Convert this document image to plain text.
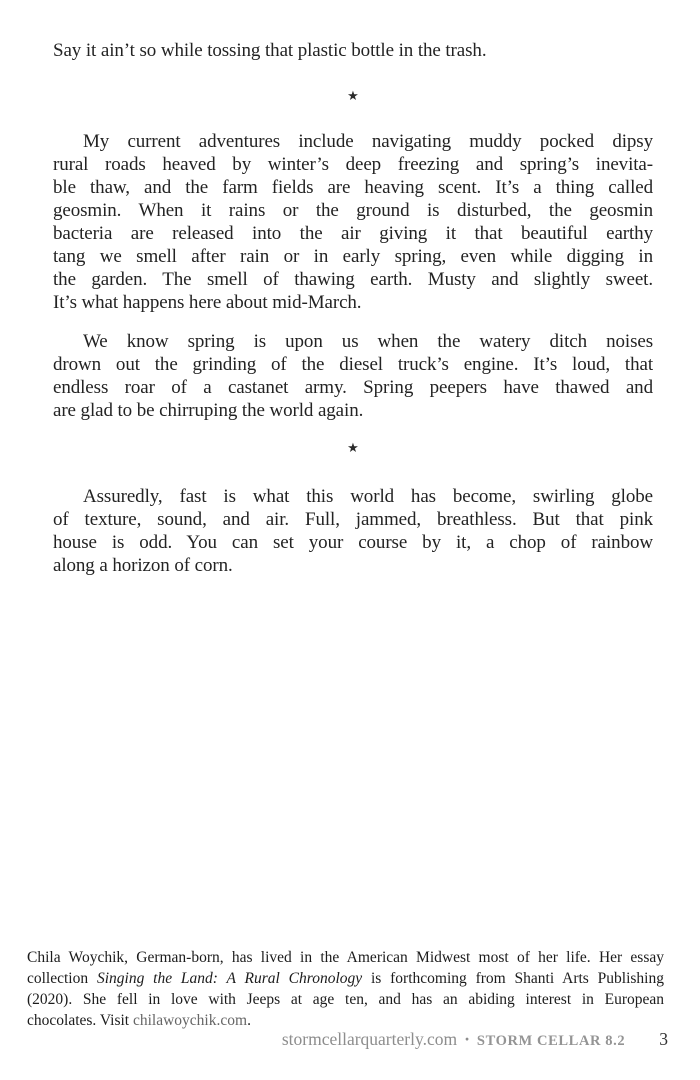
Say it ain’t so while tossing that plastic bottle in the trash.
★
My current adventures include navigating muddy pocked dipsy
rural roads heaved by winter’s deep freezing and spring’s inevita-
ble thaw, and the farm fields are heaving scent. It’s a thing called
geosmin. When it rains or the ground is disturbed, the geosmin
bacteria are released into the air giving it that beautiful earthy
tang we smell after rain or in early spring, even while digging in
the garden. The smell of thawing earth. Musty and slightly sweet.
It’s what happens here about mid-March.
We know spring is upon us when the watery ditch noises
drown out the grinding of the diesel truck’s engine. It’s loud, that
endless roar of a castanet army. Spring peepers have thawed and
are glad to be chirruping the world again.
★
Assuredly, fast is what this world has become, swirling globe
of texture, sound, and air. Full, jammed, breathless. But that pink
house is odd. You can set your course by it, a chop of rainbow
along a horizon of corn.
Chila Woychik, German-born, has lived in the American Midwest most of her life. Her essay
collection Singing the Land: A Rural Chronology is forthcoming from Shanti Arts Publishing
(2020). She fell in love with Jeeps at age ten, and has an abiding interest in European
chocolates. Visit chilawoychik.com.
stormcellarquarterly.com · STORM CELLAR 8.2 3
